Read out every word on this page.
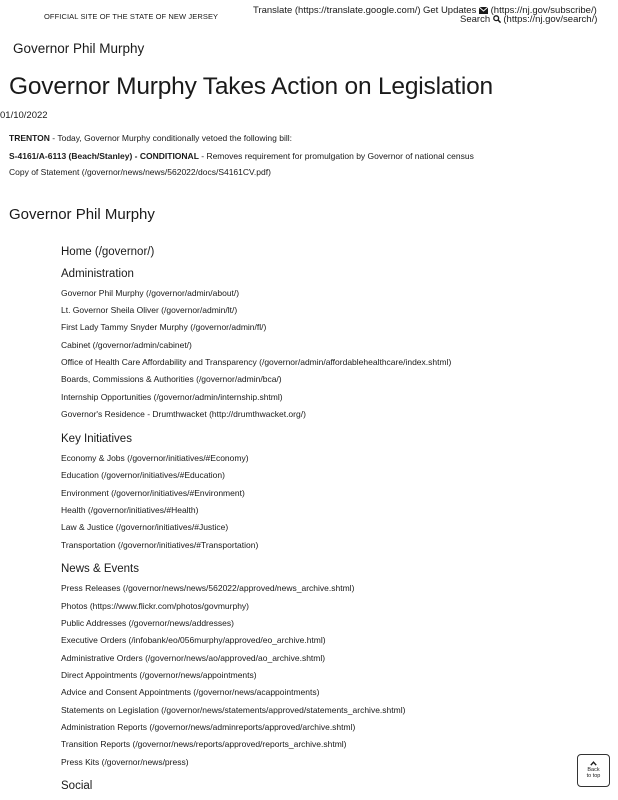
OFFICIAL SITE OF THE STATE OF NEW JERSEY
Translate (https://translate.google.com/) Get Updates (https://nj.gov/subscribe/)
Search (https://nj.gov/search/)
Governor Phil Murphy
Governor Murphy Takes Action on Legislation
01/10/2022
TRENTON - Today, Governor Murphy conditionally vetoed the following bill:
S-4161/A-6113 (Beach/Stanley) - CONDITIONAL - Removes requirement for promulgation by Governor of national census
Copy of Statement (/governor/news/news/562022/docs/S4161CV.pdf)
Governor Phil Murphy
Home (/governor/)
Administration
Governor Phil Murphy (/governor/admin/about/)
Lt. Governor Sheila Oliver (/governor/admin/lt/)
First Lady Tammy Snyder Murphy (/governor/admin/fl/)
Cabinet (/governor/admin/cabinet/)
Office of Health Care Affordability and Transparency (/governor/admin/affordablehealthcare/index.shtml)
Boards, Commissions & Authorities (/governor/admin/bca/)
Internship Opportunities (/governor/admin/internship.shtml)
Governor's Residence - Drumthwacket (http://drumthwacket.org/)
Key Initiatives
Economy & Jobs (/governor/initiatives/#Economy)
Education (/governor/initiatives/#Education)
Environment (/governor/initiatives/#Environment)
Health (/governor/initiatives/#Health)
Law & Justice (/governor/initiatives/#Justice)
Transportation (/governor/initiatives/#Transportation)
News & Events
Press Releases (/governor/news/news/562022/approved/news_archive.shtml)
Photos (https://www.flickr.com/photos/govmurphy)
Public Addresses (/governor/news/addresses)
Executive Orders (/infobank/eo/056murphy/approved/eo_archive.html)
Administrative Orders (/governor/news/ao/approved/ao_archive.shtml)
Direct Appointments (/governor/news/appointments)
Advice and Consent Appointments (/governor/news/acappointments)
Statements on Legislation (/governor/news/statements/approved/statements_archive.shtml)
Administration Reports (/governor/news/adminreports/approved/archive.shtml)
Transition Reports (/governor/news/reports/approved/reports_archive.shtml)
Press Kits (/governor/news/press)
Social
Back
to top
